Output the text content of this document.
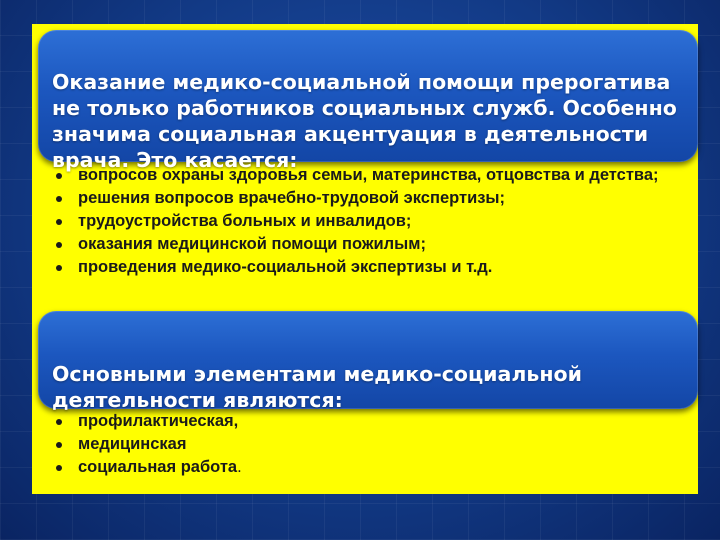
Оказание медико-социальной помощи прерогатива
не только работников социальных служб. Особенно
значима социальная акцентуация в деятельности
врача. Это касается:

вопросов охраны здоровья семьи, материнства, отцовства и детства;
решения вопросов врачебно-трудовой экспертизы;
трудоустройства больных и инвалидов;
оказания медицинской помощи пожилым;
проведения медико-социальной экспертизы и т.д.

Основными элементами медико-социальной
деятельности являются:

профилактическая,
медицинская
социальная работа.
